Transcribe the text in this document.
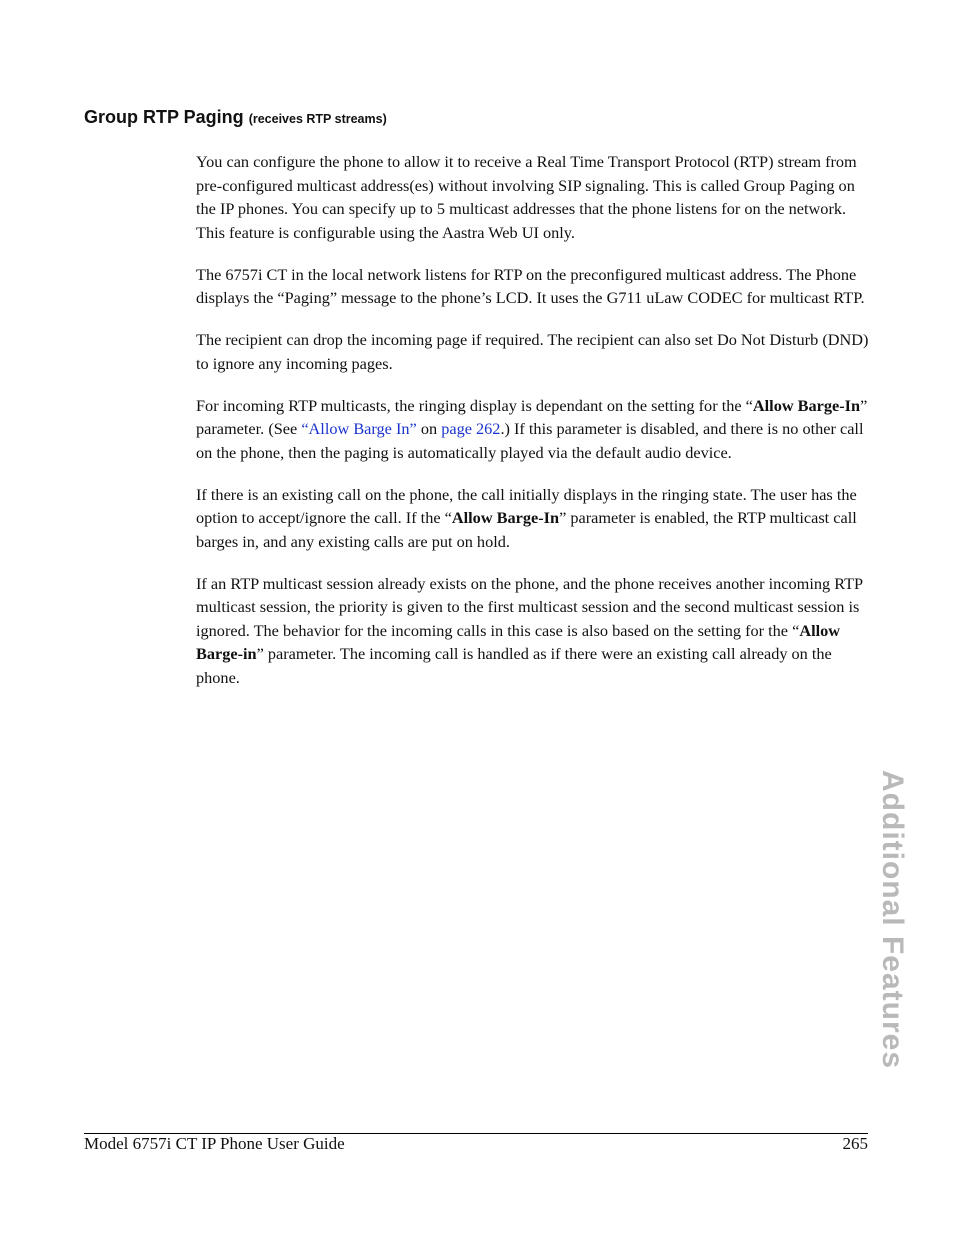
Group RTP Paging (receives RTP streams)

You can configure the phone to allow it to receive a Real Time Transport Protocol (RTP) stream from pre-configured multicast address(es) without involving SIP signaling. This is called Group Paging on the IP phones. You can specify up to 5 multicast addresses that the phone listens for on the network. This feature is configurable using the Aastra Web UI only.

The 6757i CT in the local network listens for RTP on the preconfigured multicast address. The Phone displays the “Paging” message to the phone’s LCD. It uses the G711 uLaw CODEC for multicast RTP.

The recipient can drop the incoming page if required. The recipient can also set Do Not Disturb (DND) to ignore any incoming pages.

For incoming RTP multicasts, the ringing display is dependant on the setting for the “Allow Barge-In” parameter. (See “Allow Barge In” on page 262.) If this parameter is disabled, and there is no other call on the phone, then the paging is automatically played via the default audio device.

If there is an existing call on the phone, the call initially displays in the ringing state. The user has the option to accept/ignore the call. If the “Allow Barge-In” parameter is enabled, the RTP multicast call barges in, and any existing calls are put on hold.

If an RTP multicast session already exists on the phone, and the phone receives another incoming RTP multicast session, the priority is given to the first multicast session and the second multicast session is ignored. The behavior for the incoming calls in this case is also based on the setting for the “Allow Barge-in” parameter. The incoming call is handled as if there were an existing call already on the phone.

Additional Features
Model 6757i CT IP Phone User Guide	265
